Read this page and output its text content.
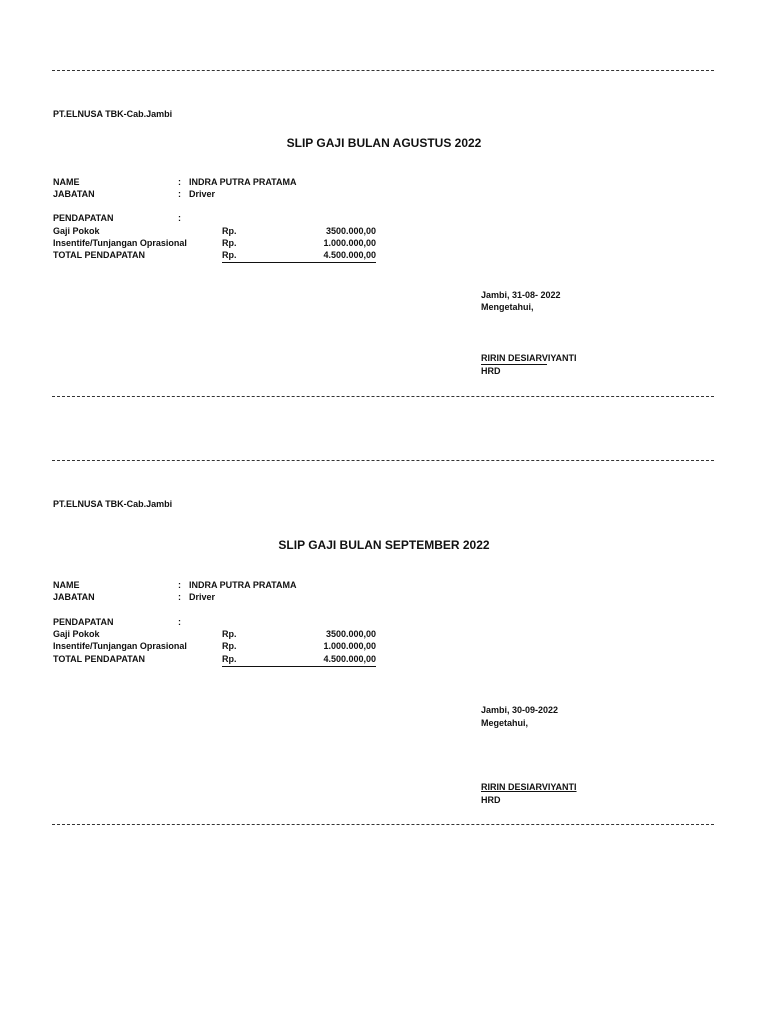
PT.ELNUSA TBK-Cab.Jambi
SLIP GAJI BULAN AGUSTUS 2022
NAME	: INDRA PUTRA PRATAMA
JABATAN	: Driver
PENDAPATAN	:
Gaji Pokok	Rp.	3500.000,00
Insentife/Tunjangan Oprasional	Rp.	1.000.000,00
TOTAL PENDAPATAN	Rp.	4.500.000,00
Jambi, 31-08- 2022
Mengetahui,
RIRIN DESIARVIYANTI
HRD
PT.ELNUSA TBK-Cab.Jambi
SLIP GAJI BULAN SEPTEMBER 2022
NAME	: INDRA PUTRA PRATAMA
JABATAN	: Driver
PENDAPATAN	:
Gaji Pokok	Rp.	3500.000,00
Insentife/Tunjangan Oprasional	Rp.	1.000.000,00
TOTAL PENDAPATAN	Rp.	4.500.000,00
Jambi, 30-09-2022
Megetahui,
RIRIN DESIARVIYANTI
HRD
